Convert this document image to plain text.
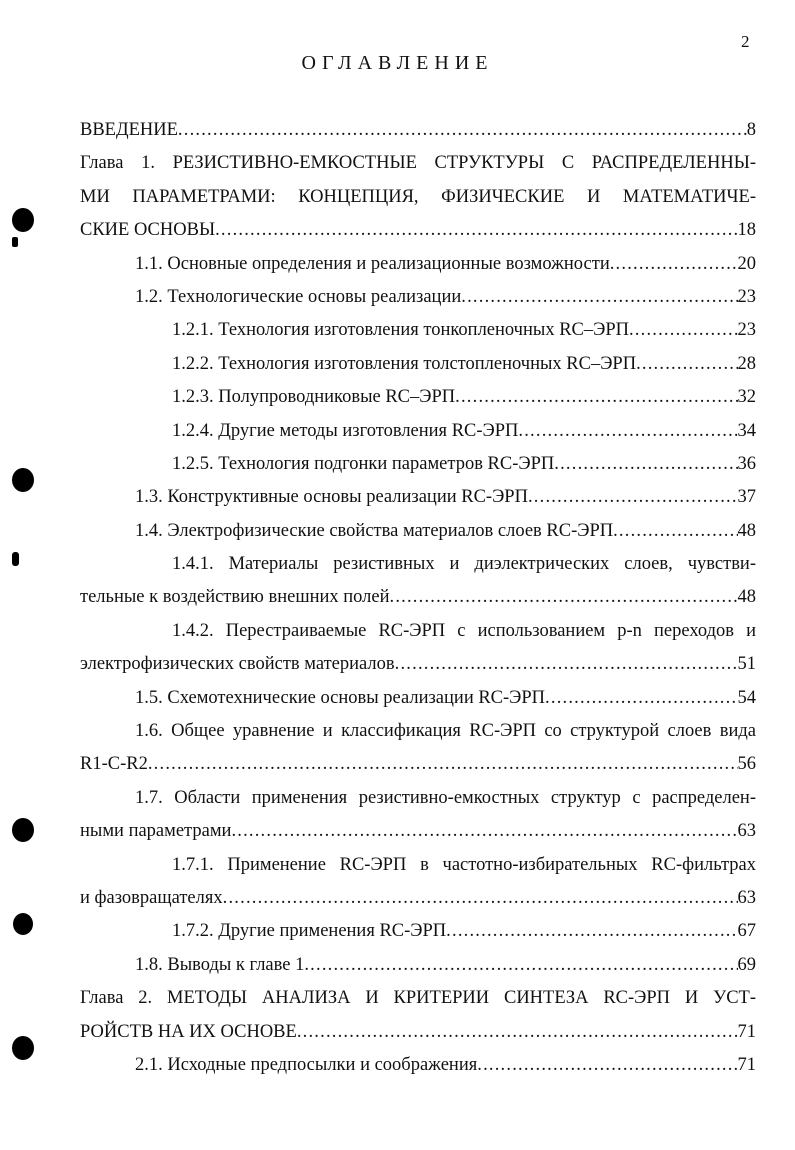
2
ОГЛАВЛЕНИЕ
ВВЕДЕНИЕ .....	8
Глава 1. РЕЗИСТИВНО-ЕМКОСТНЫЕ СТРУКТУРЫ С РАСПРЕДЕЛЕННЫ-
МИ ПАРАМЕТРАМИ: КОНЦЕПЦИЯ, ФИЗИЧЕСКИЕ И МАТЕМАТИЧЕ-
СКИЕ ОСНОВЫ .....	18
1.1. Основные определения и реализационные возможности .....	20
1.2. Технологические основы реализации .....	23
1.2.1. Технология изготовления тонкопленочных RC–ЭРП .....	23
1.2.2. Технология изготовления толстопленочных RC–ЭРП .....	28
1.2.3. Полупроводниковые RC–ЭРП .....	32
1.2.4. Другие методы изготовления RC-ЭРП .....	34
1.2.5. Технология подгонки параметров RC-ЭРП .....	36
1.3. Конструктивные основы реализации RC-ЭРП .....	37
1.4. Электрофизические свойства материалов слоев RC-ЭРП .....	48
1.4.1. Материалы резистивных и диэлектрических слоев, чувстви-
тельные к воздействию внешних полей .....	48
1.4.2. Перестраиваемые RC-ЭРП с использованием p-n переходов и
электрофизических свойств материалов .....	51
1.5. Схемотехнические основы реализации RC-ЭРП .....	54
1.6. Общее уравнение и классификация RC-ЭРП со структурой слоев вида
R1-C-R2 .....	56
1.7. Области применения резистивно-емкостных структур с распределен-
ными параметрами .....	63
1.7.1. Применение RC-ЭРП в частотно-избирательных RC-фильтрах
и фазовращателях .....	63
1.7.2. Другие применения RC-ЭРП .....	67
1.8. Выводы к главе 1 .....	69
Глава 2. МЕТОДЫ АНАЛИЗА И КРИТЕРИИ СИНТЕЗА RC-ЭРП И УСТ-
РОЙСТВ НА ИХ ОСНОВЕ .....	71
2.1. Исходные предпосылки и соображения .....	71
